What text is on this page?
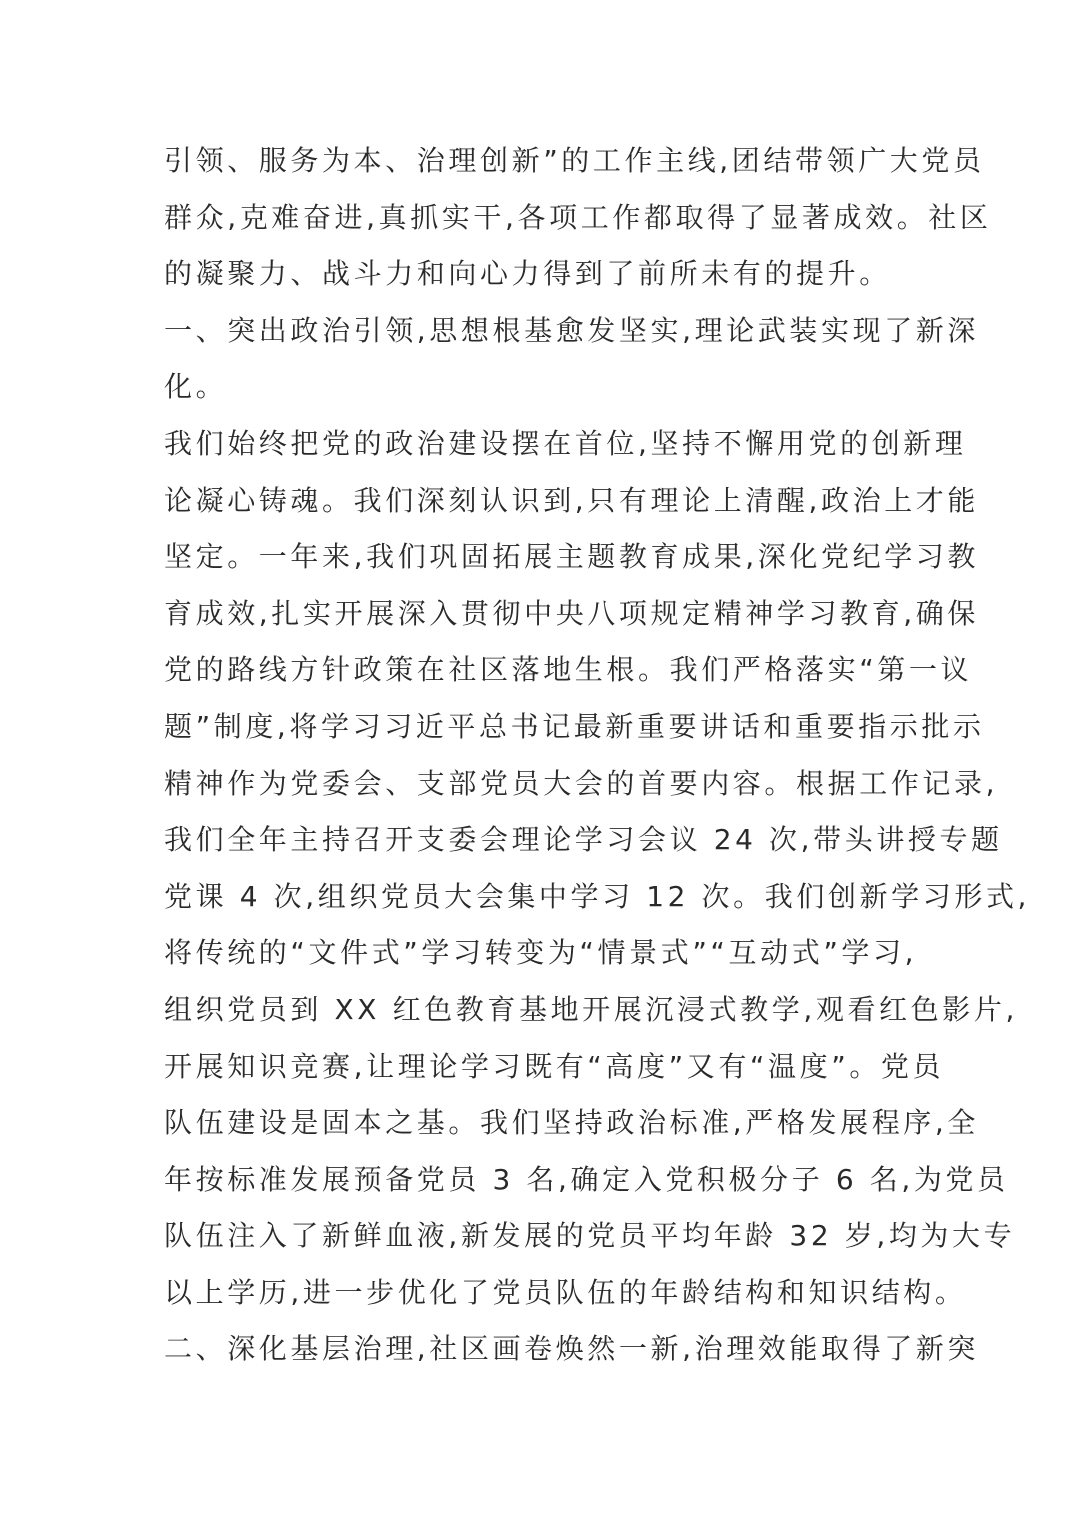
引领、服务为本、治理创新”的工作主线,团结带领广大党员
群众,克难奋进,真抓实干,各项工作都取得了显著成效。社区
的凝聚力、战斗力和向心力得到了前所未有的提升。
一、突出政治引领,思想根基愈发坚实,理论武装实现了新深
化。
我们始终把党的政治建设摆在首位,坚持不懈用党的创新理
论凝心铸魂。我们深刻认识到,只有理论上清醒,政治上才能
坚定。一年来,我们巩固拓展主题教育成果,深化党纪学习教
育成效,扎实开展深入贯彻中央八项规定精神学习教育,确保
党的路线方针政策在社区落地生根。我们严格落实“第一议
题”制度,将学习习近平总书记最新重要讲话和重要指示批示
精神作为党委会、支部党员大会的首要内容。根据工作记录,
我们全年主持召开支委会理论学习会议 24 次,带头讲授专题
党课 4 次,组织党员大会集中学习 12 次。我们创新学习形式,
将传统的“文件式”学习转变为“情景式”“互动式”学习,
组织党员到 XX 红色教育基地开展沉浸式教学,观看红色影片,
开展知识竞赛,让理论学习既有“高度”又有“温度”。党员
队伍建设是固本之基。我们坚持政治标准,严格发展程序,全
年按标准发展预备党员 3 名,确定入党积极分子 6 名,为党员
队伍注入了新鲜血液,新发展的党员平均年龄 32 岁,均为大专
以上学历,进一步优化了党员队伍的年龄结构和知识结构。
二、深化基层治理,社区画卷焕然一新,治理效能取得了新突
